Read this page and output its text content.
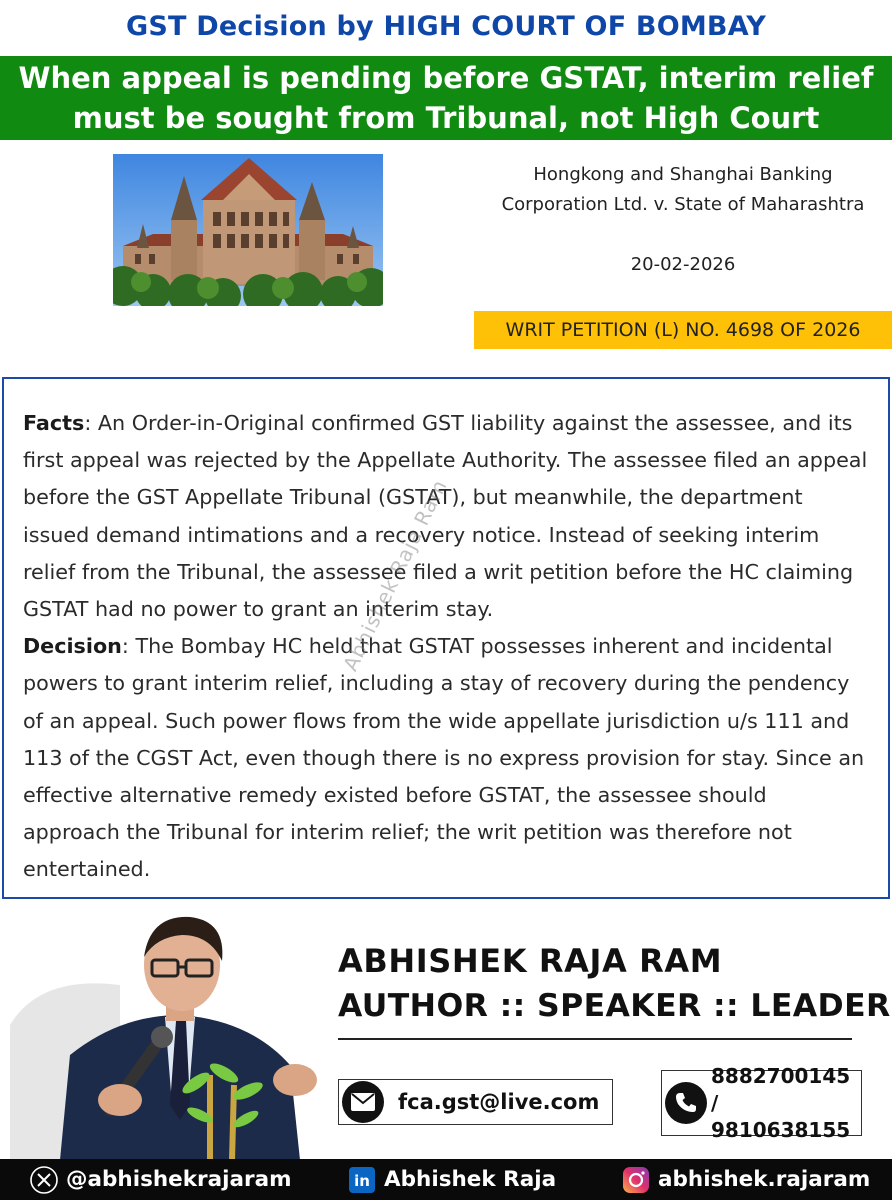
GST Decision by HIGH COURT OF BOMBAY
When appeal is pending before GSTAT, interim relief must be sought from Tribunal, not High Court
Hongkong and Shanghai Banking Corporation Ltd. v. State of Maharashtra
20-02-2026
WRIT PETITION (L) NO. 4698 OF 2026

Facts: An Order-in-Original confirmed GST liability against the assessee, and its first appeal was rejected by the Appellate Authority. The assessee filed an appeal before the GST Appellate Tribunal (GSTAT), but meanwhile, the department issued demand intimations and a recovery notice. Instead of seeking interim relief from the Tribunal, the assessee filed a writ petition before the HC claiming GSTAT had no power to grant an interim stay.

Decision: The Bombay HC held that GSTAT possesses inherent and incidental powers to grant interim relief, including a stay of recovery during the pendency of an appeal. Such power flows from the wide appellate jurisdiction u/s 111 and 113 of the CGST Act, even though there is no express provision for stay. Since an effective alternative remedy existed before GSTAT, the assessee should approach the Tribunal for interim relief; the writ petition was therefore not entertained.

Abhishek Raja Ram
ABHISHEK RAJA RAM
AUTHOR :: SPEAKER :: LEADER
fca.gst@live.com
8882700145 /
9810638155
@abhishekrajaram	in Abhishek Raja	abhishek.rajaram
